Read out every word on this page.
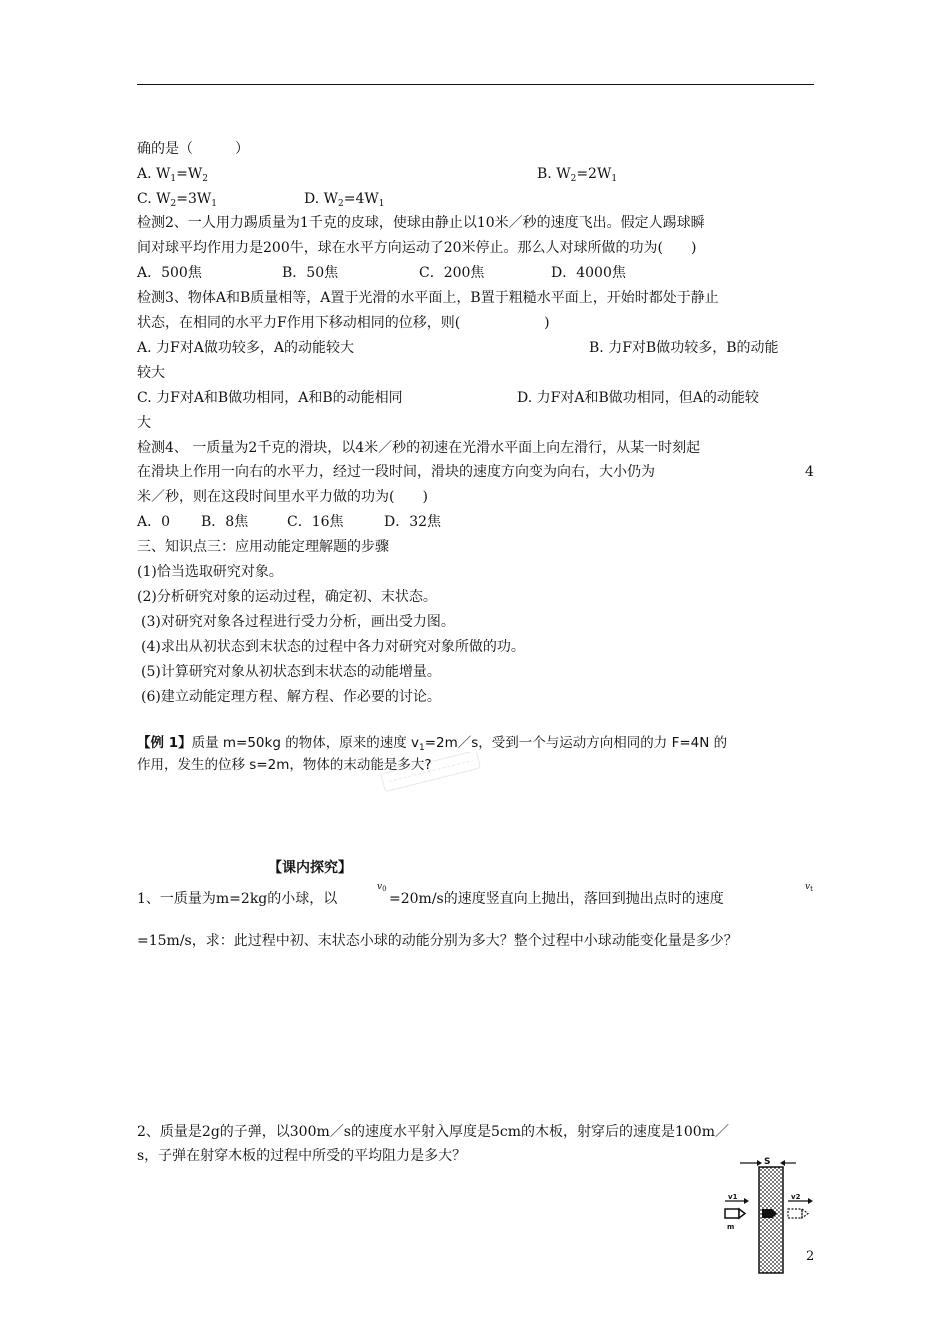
确的是（　　　）
A. $W_1=W_2$	B. $W_2=2W_1$
C. $W_2=3W_1$	D. $W_2=4W_1$
检测2、一人用力踢质量为1千克的皮球，使球由静止以10米／秒的速度飞出。假定人踢球瞬
间对球平均作用力是200牛，球在水平方向运动了20米停止。那么人对球所做的功为(　　)
A．500焦	B．50焦	C．200焦	D．4000焦
检测3、物体A和B质量相等，A置于光滑的水平面上，B置于粗糙水平面上，开始时都处于静止
状态，在相同的水平力F作用下移动相同的位移，则(　　　　　　)
A. 力F对A做功较多，A的动能较大	B. 力F对B做功较多，B的动能
较大
C. 力F对A和B做功相同，A和B的动能相同	D. 力F对A和B做功相同，但A的动能较
大
检测4、 一质量为2千克的滑块，以4米／秒的初速在光滑水平面上向左滑行，从某一时刻起
在滑块上作用一向右的水平力，经过一段时间，滑块的速度方向变为向右，大小仍为	4
米／秒，则在这段时间里水平力做的功为(　　)
A．0 B．8焦	C．16焦	D．32焦
三、知识点三：应用动能定理解题的步骤
(1)恰当选取研究对象。
(2)分析研究对象的运动过程，确定初、末状态。
(3)对研究对象各过程进行受力分析，画出受力图。
(4)求出从初状态到末状态的过程中各力对研究对象所做的功。
(5)计算研究对象从初状态到末状态的动能增量。
(6)建立动能定理方程、解方程、作必要的讨论。
【例 1】质量 m=50kg 的物体，原来的速度 $v_1=2m/s$，受到一个与运动方向相同的力 F=4N 的
作用，发生的位移 s=2m，物体的末动能是多大?
【课内探究】
1、一质量为m=2kg的小球，以
$v_0$
=20m/s的速度竖直向上抛出，落回到抛出点时的速度
$v_t$
=15m/s，求：此过程中初、末状态小球的动能分别为多大？整个过程中小球动能变化量是多少？
2、质量是2g的子弹，以300m／s的速度水平射入厚度是5cm的木板，射穿后的速度是100m／
s，子弹在射穿木板的过程中所受的平均阻力是多大？	S
v1
m
v2
2
